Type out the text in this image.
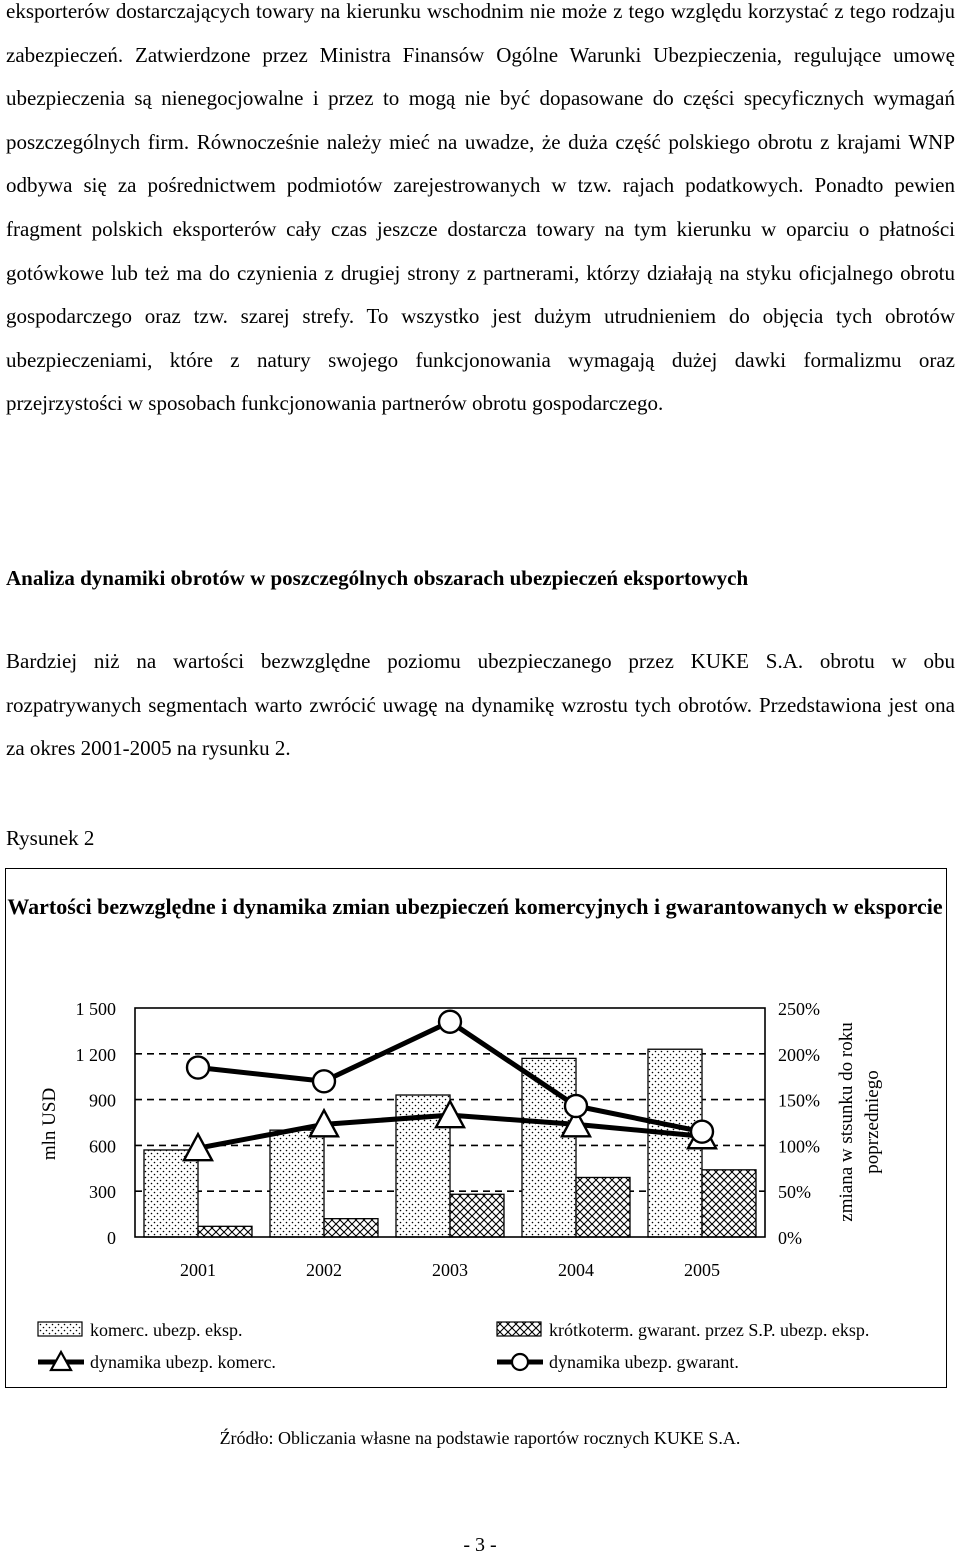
eksporterów dostarczających towary na kierunku wschodnim nie może z tego względu korzystać z tego rodzaju zabezpieczeń. Zatwierdzone przez Ministra Finansów Ogólne Warunki Ubezpieczenia, regulujące umowę ubezpieczenia są nienegocjowalne i przez to mogą nie być dopasowane do części specyficznych wymagań poszczególnych firm. Równocześnie należy mieć na uwadze, że duża część polskiego obrotu z krajami WNP odbywa się za pośrednictwem podmiotów zarejestrowanych w tzw. rajach podatkowych. Ponadto pewien fragment polskich eksporterów cały czas jeszcze dostarcza towary na tym kierunku w oparciu o płatności gotówkowe lub też ma do czynienia z drugiej strony z partnerami, którzy działają na styku oficjalnego obrotu gospodarczego oraz tzw. szarej strefy. To wszystko jest dużym utrudnieniem do objęcia tych obrotów ubezpieczeniami, które z natury swojego funkcjonowania wymagają dużej dawki formalizmu oraz przejrzystości w sposobach funkcjonowania partnerów obrotu gospodarczego.

Analiza dynamiki obrotów w poszczególnych obszarach ubezpieczeń eksportowych

Bardziej niż na wartości bezwzględne poziomu ubezpieczanego przez KUKE S.A. obrotu w obu rozpatrywanych segmentach warto zwrócić uwagę na dynamikę wzrostu tych obrotów. Przedstawiona jest ona za okres 2001-2005 na rysunku 2.

Rysunek 2

Wartości bezwzględne i dynamika zmian ubezpieczeń komercyjnych i gwarantowanych w eksporcie

0
300
600
900
1 200
1 500
0%
50%
100%
150%
200%
250%
2001	2002	2003	2004	2005
mln USD	zmiana w stsunku do roku poprzedniego
komerc. ubezp. eksp.	krótkoterm. gwarant. przez S.P. ubezp. eksp.
dynamika ubezp. komerc.	dynamika ubezp. gwarant.

Źródło: Obliczania własne na podstawie raportów rocznych KUKE S.A.

- 3 -
